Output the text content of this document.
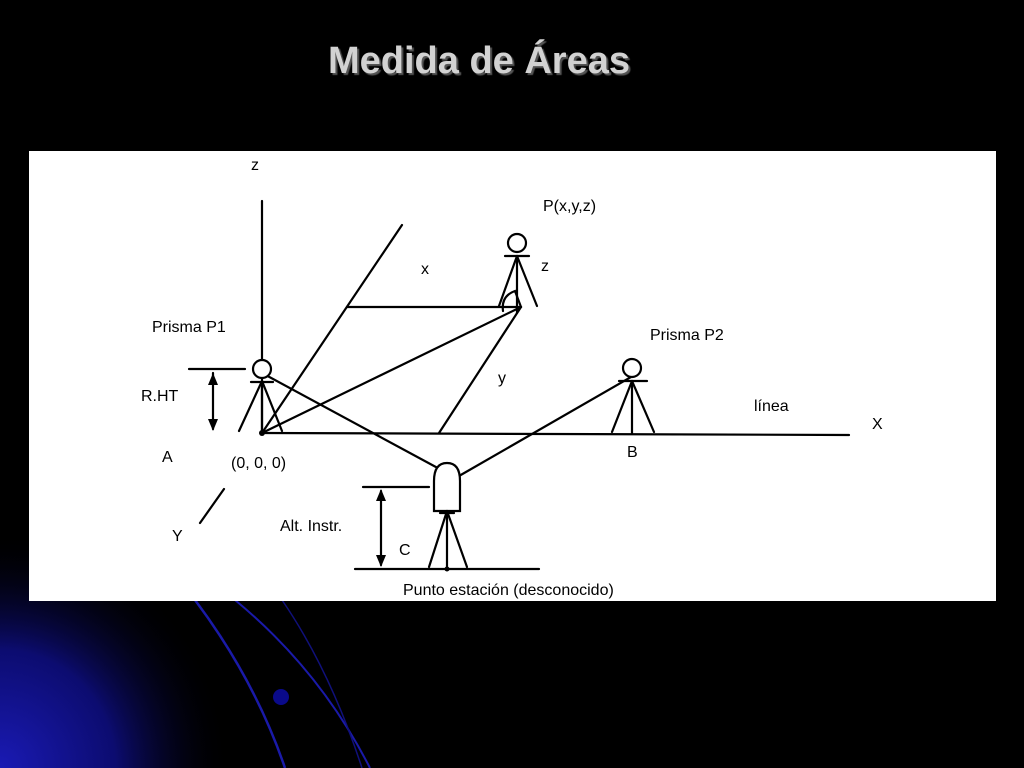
Medida de Áreas
z
P(x,y,z)
x	z
Prisma P1	Prisma P2
y
R.HT
línea
X
A	(0, 0, 0)
B
Y
Alt. Instr.
C
Punto estación (desconocido)
